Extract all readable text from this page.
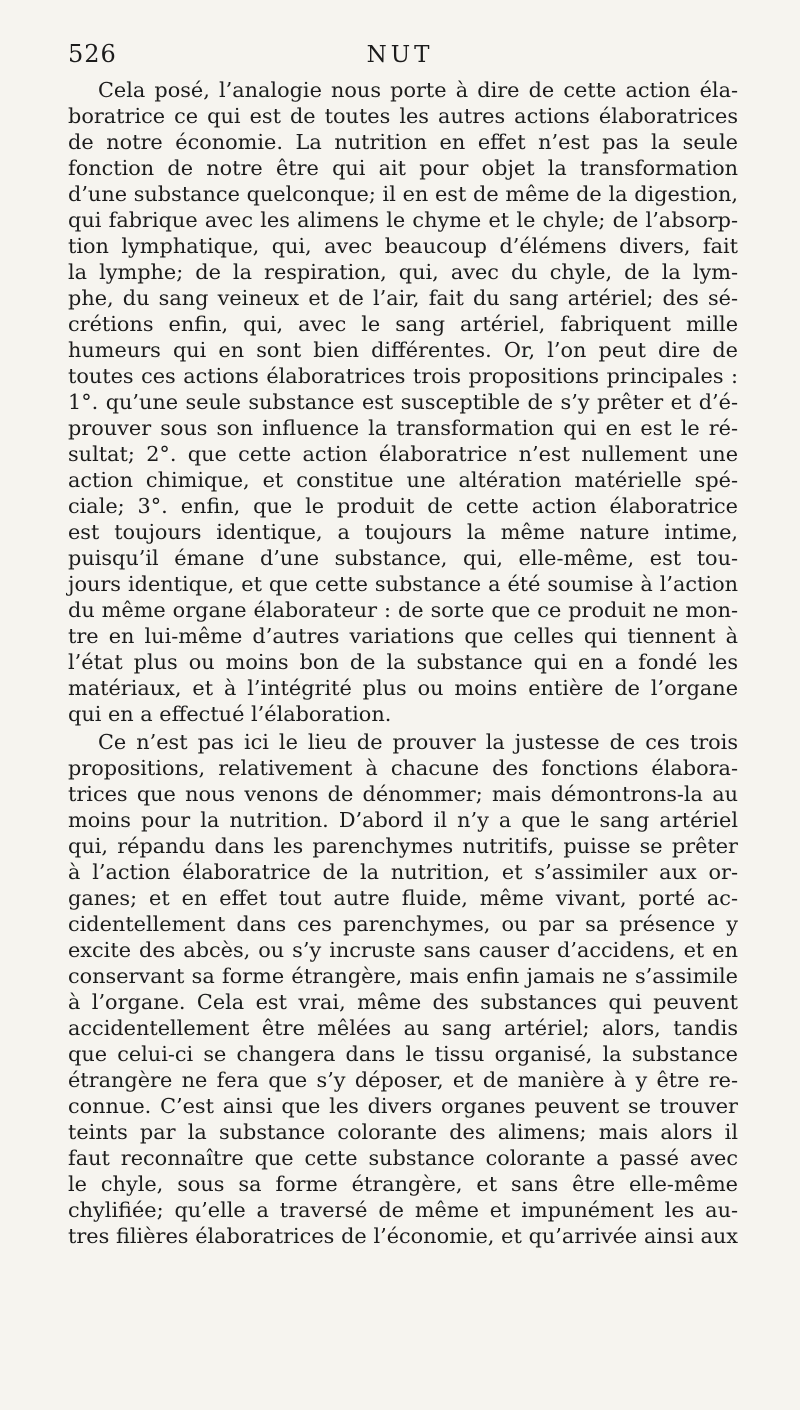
526	NUT
Cela posé, l’analogie nous porte à dire de cette action éla-
boratrice ce qui est de toutes les autres actions élaboratrices
de notre économie. La nutrition en effet n’est pas la seule
fonction de notre être qui ait pour objet la transformation
d’une substance quelconque; il en est de même de la digestion,
qui fabrique avec les alimens le chyme et le chyle; de l’absorp-
tion lymphatique, qui, avec beaucoup d’élémens divers, fait
la lymphe; de la respiration, qui, avec du chyle, de la lym-
phe, du sang veineux et de l’air, fait du sang artériel; des sé-
crétions enfin, qui, avec le sang artériel, fabriquent mille
humeurs qui en sont bien différentes. Or, l’on peut dire de
toutes ces actions élaboratrices trois propositions principales :
1°. qu’une seule substance est susceptible de s’y prêter et d’é-
prouver sous son influence la transformation qui en est le ré-
sultat; 2°. que cette action élaboratrice n’est nullement une
action chimique, et constitue une altération matérielle spé-
ciale; 3°. enfin, que le produit de cette action élaboratrice
est toujours identique, a toujours la même nature intime,
puisqu’il émane d’une substance, qui, elle-même, est tou-
jours identique, et que cette substance a été soumise à l’action
du même organe élaborateur : de sorte que ce produit ne mon-
tre en lui-même d’autres variations que celles qui tiennent à
l’état plus ou moins bon de la substance qui en a fondé les
matériaux, et à l’intégrité plus ou moins entière de l’organe
qui en a effectué l’élaboration.
Ce n’est pas ici le lieu de prouver la justesse de ces trois
propositions, relativement à chacune des fonctions élabora-
trices que nous venons de dénommer; mais démontrons-la au
moins pour la nutrition. D’abord il n’y a que le sang artériel
qui, répandu dans les parenchymes nutritifs, puisse se prêter
à l’action élaboratrice de la nutrition, et s’assimiler aux or-
ganes; et en effet tout autre fluide, même vivant, porté ac-
cidentellement dans ces parenchymes, ou par sa présence y
excite des abcès, ou s’y incruste sans causer d’accidens, et en
conservant sa forme étrangère, mais enfin jamais ne s’assimile
à l’organe. Cela est vrai, même des substances qui peuvent
accidentellement être mêlées au sang artériel; alors, tandis
que celui-ci se changera dans le tissu organisé, la substance
étrangère ne fera que s’y déposer, et de manière à y être re-
connue. C’est ainsi que les divers organes peuvent se trouver
teints par la substance colorante des alimens; mais alors il
faut reconnaître que cette substance colorante a passé avec
le chyle, sous sa forme étrangère, et sans être elle-même
chylifiée; qu’elle a traversé de même et impunément les au-
tres filières élaboratrices de l’économie, et qu’arrivée ainsi aux
